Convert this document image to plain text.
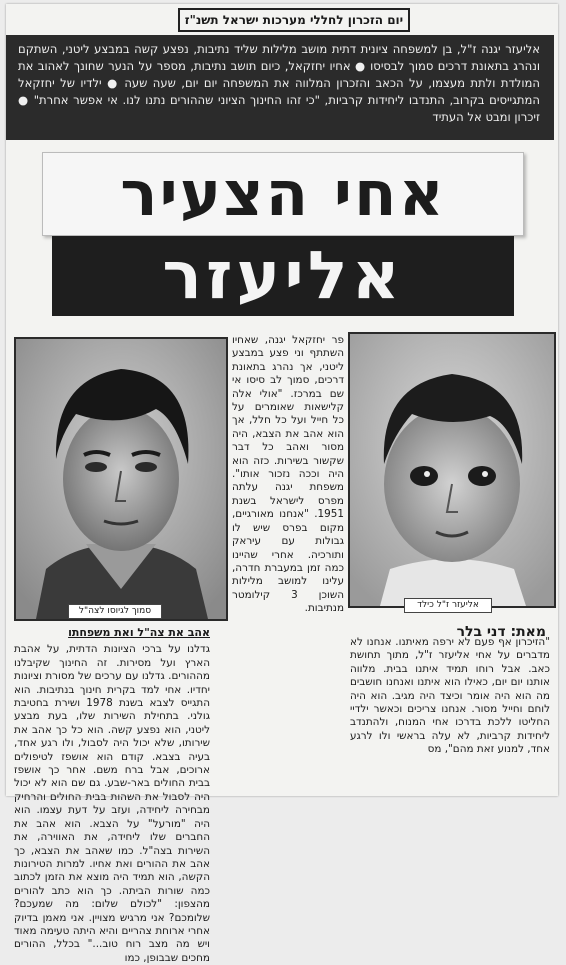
יום הזכרון לחללי מערכות ישראל תשנ"ז

אליעזר יגנה ז"ל, בן למשפחה ציונית דתית מושב מלילות שליד נתיבות, נפצע קשה במבצע ליטני, השתקם ונהרג בתאונת דרכים סמוך לבסיסו ● אחיו יחזקאל, כיום תושב נתיבות, מספר על הנער שחונך לאהוב את המולדת ולתת מעצמו, על הכאב והזכרון המלווה את המשפחה יום יום, שעה שעה ● ילדיו של יחזקאל המתגייסים בקרוב, התנדבו ליחידות קרביות, "כי זהו החינוך הציוני שההורים נתנו לנו. אי אפשר אחרת" ● זיכרון ומבט אל העתיד

אחי הצעיר
אליעזר
סמוך לגיוסו לצה"ל
אליעזר ז"ל כילד

פר יחזקאל יגנה, שאחיו השתתף וני פצע במבצע ליטני, אך נהרג בתאונת דרכים, סמוך לב סיסו אי שם במרכז. "אולי אלה קלישאות שאומרים על כל חייל ועל כל חלל, אך הוא אהב את הצבא, היה מסור ואהב כל דבר שקשור בשירות. כזה הוא היה וככה נזכור אותו". משפחת יגנה עלתה מפרס לישראל בשנת 1951. "אנחנו מאורגיים, מקום בפרס שיש לו גבולות עם עיראק ותורכיה. אחרי שהיינו כמה זמן במעברת חדרה, עלינו למושב מלילות השוכן 3 קילומטר מנתיבות.

מאת: דני בלר

"הזיכרון אף פעם לא ירפה מאיתנו. אנחנו לא מדברים על אחי אליעזר ז"ל, מתוך תחושת כאב. אבל רוחו תמיד איתנו בבית. מלווה אותנו יום יום, כאילו הוא איתנו ואנחנו חושבים מה הוא היה אומר וכיצד היה מגיב. הוא היה לוחם וחייל מסור. אנחנו צריכים וכאשר ילדיי החליטו ללכת בדרכו אחי המנוח, ולהתנדב ליחידות קרביות, לא עלה בראשי ולו לרגע אחד, למנוע זאת מהם", מס

אהב את צה"ל ואת משפחתו

גדלנו על ברכי הציונות הדתית, על אהבת הארץ ועל מסירות. זה החינוך שקיבלנו מההורים. גדלנו עם ערכים של מסורת וציונות יחדיו. אחי למד בקרית חינוך בנתיבות. הוא התגייס לצבא בשנת 1978 ושירת בחטיבת גולני. בתחילת השירות שלו, בעת מבצע ליטני, הוא נפצע קשה. הוא כל כך אהב את שירותו, שלא יכול היה לסבול, ולו רגע אחד, בעיה בצבא. קודם הוא אושפז לטיפולים ארוכים, אבל ברח משם. אחר כך אושפז בבית החולים באר-שבע. גם שם הוא לא יכול היה לסבול את השהות בבית החולים והרחיק מבחירה ליחידה, ועזב על דעת עצמו. הוא היה "מורעל" על הצבא. הוא אהב את החברים שלו ליחידה, את האווירה, את השירות בצה"ל. כמו שאהב את הצבא, כך אהב את ההורים ואת אחיו. למרות הטירונות הקשה, הוא תמיד היה מוצא את הזמן לכתוב כמה שורות הביתה. כך הוא כתב להורים מהצפון: "לכולם שלום: מה שמעכם? שלומכם? אני מרגיש מצויין. אני מאמן בדיוק אחרי ארוחת צהריים והיא היתה טעימה מאוד ויש מה מצב רוח טוב..." בכלל, ההורים מחכים שבבופן, כמו
